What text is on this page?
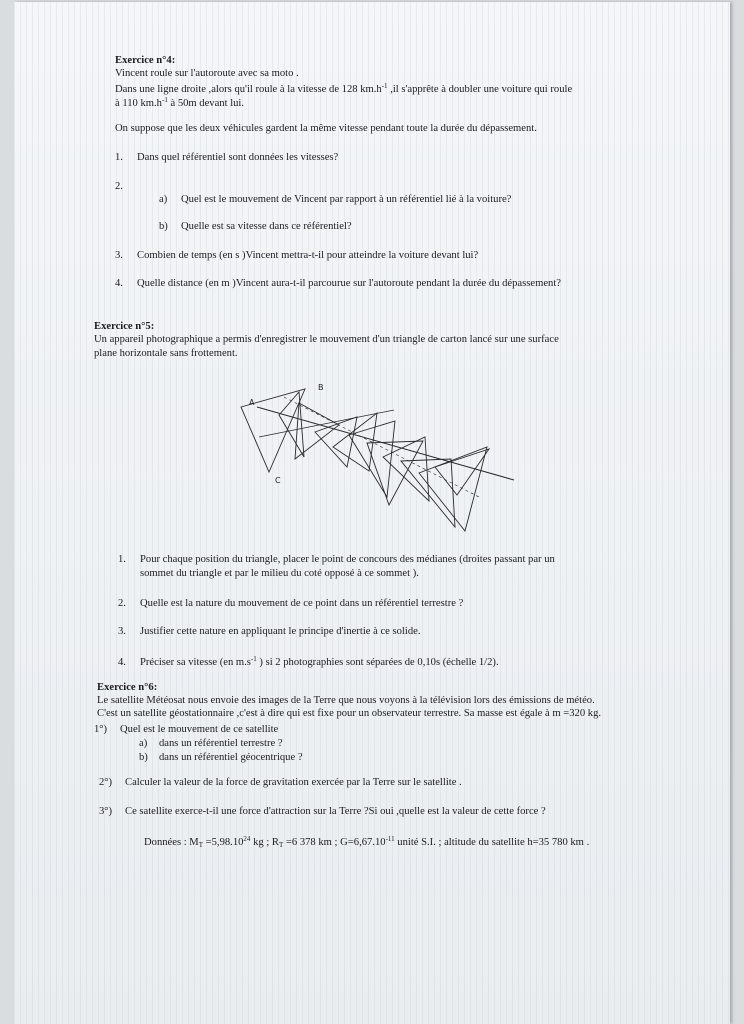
Exercice n°4:
Vincent roule sur l'autoroute avec sa moto .
Dans une ligne droite ,alors qu'il roule à la vitesse de 128 $km.h^{-1}$ ,il s'apprête à doubler une voiture qui roule
à 110 $km.h^{-1}$ à 50m devant lui.
On suppose que les deux véhicules gardent la même vitesse pendant toute la durée du dépassement.
1. Dans quel référentiel sont données les vitesses?
2.
a) Quel est le mouvement de Vincent par rapport à un référentiel lié à la voiture?
b) Quelle est sa vitesse dans ce référentiel?
3. Combien de temps (en s )Vincent mettra-t-il pour atteindre la voiture devant lui?
4. Quelle distance (en m )Vincent aura-t-il parcourue sur l'autoroute pendant la durée du dépassement?
Exercice n°5:
Un appareil photographique a permis d'enregistrer le mouvement d'un triangle de carton lancé sur une surface
plane horizontale sans frottement.
A
B
C
1. Pour chaque position du triangle, placer le point de concours des médianes (droites passant par un
sommet du triangle et par le milieu du coté opposé à ce sommet ).
2. Quelle est la nature du mouvement de ce point dans un référentiel terrestre ?
3. Justifier cette nature en appliquant le principe d'inertie à ce solide.
4. Préciser sa vitesse (en $m.s^{-1}$ ) si 2 photographies sont séparées de 0,10s (échelle 1/2).
Exercice n°6:
Le satellite Météosat nous envoie des images de la Terre que nous voyons à la télévision lors des émissions de météo.
C'est un satellite géostationnaire ,c'est à dire qui est fixe pour un observateur terrestre. Sa masse est égale à m =320 kg.
1°) Quel est le mouvement de ce satellite
a) dans un référentiel terrestre ?
b) dans un référentiel géocentrique ?
2°) Calculer la valeur de la force de gravitation exercée par la Terre sur le satellite .
3°) Ce satellite exerce-t-il une force d'attraction sur la Terre ?Si oui ,quelle est la valeur de cette force ?
Données : $M_T =5,98.10^{24}$ kg ; $R_T =6$ 378 km ; $G=6,67.10^{-11}$ unité S.I. ; altitude du satellite h=35 780 km .
